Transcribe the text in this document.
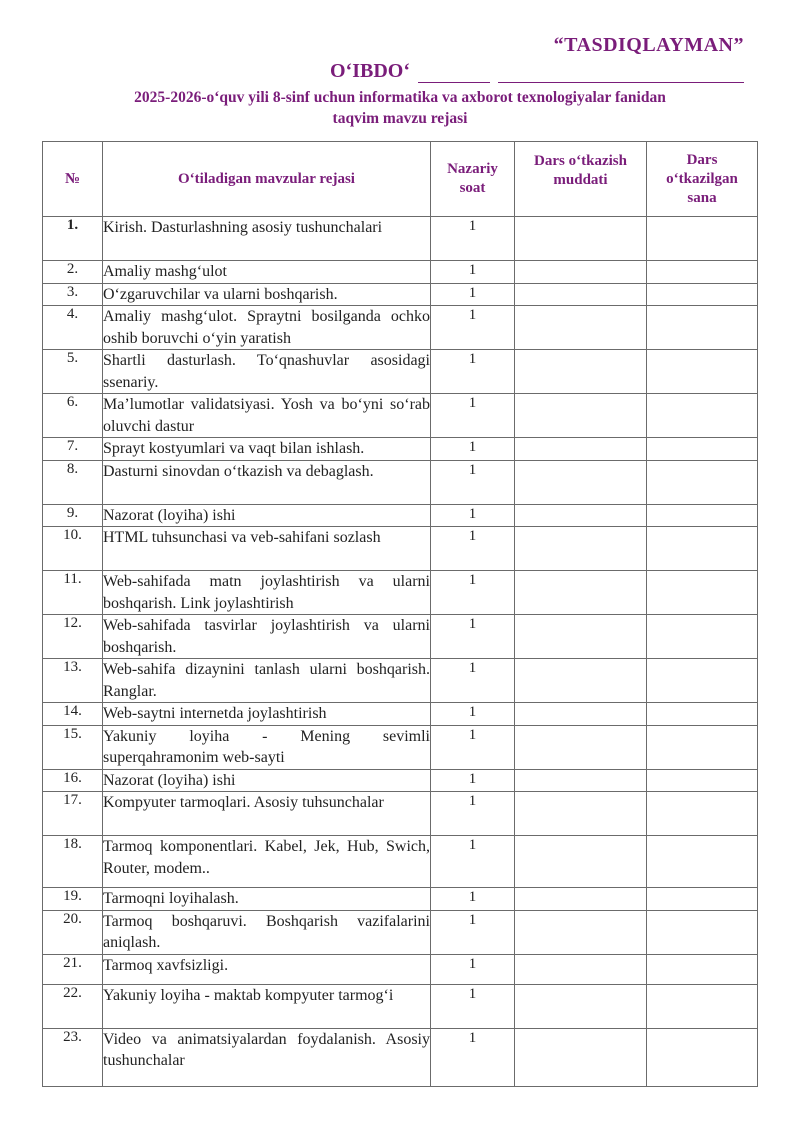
“TASDIQLAYMAN”
O‘IBDO‘
2025-2026-o‘quv yili 8-sinf uchun informatika va axborot texnologiyalar fanidan
taqvim mavzu rejasi
№	O‘tiladigan mavzular rejasi	Nazariy soat	Dars o‘tkazish muddati	Dars o‘tkazilgan sana
1.	Kirish. Dasturlashning asosiy tushunchalari	1		
2.	Amaliy mashg‘ulot	1		
3.	O‘zgaruvchilar va ularni boshqarish.	1		
4.	Amaliy mashg‘ulot. Spraytni bosilganda ochko oshib boruvchi o‘yin yaratish	1		
5.	Shartli dasturlash. To‘qnashuvlar asosidagi ssenariy.	1		
6.	Ma’lumotlar validatsiyasi. Yosh va bo‘yni so‘rab oluvchi dastur	1		
7.	Sprayt kostyumlari va vaqt bilan ishlash.	1		
8.	Dasturni sinovdan o‘tkazish va debaglash.	1		
9.	Nazorat (loyiha) ishi	1		
10.	HTML tuhsunchasi va veb-sahifani sozlash	1		
11.	Web-sahifada matn joylashtirish va ularni boshqarish. Link joylashtirish	1		
12.	Web-sahifada tasvirlar joylashtirish va ularni boshqarish.	1		
13.	Web-sahifa dizaynini tanlash ularni boshqarish. Ranglar.	1		
14.	Web-saytni internetda joylashtirish	1		
15.	Yakuniy loyiha - Mening sevimli superqahramonim web-sayti	1		
16.	Nazorat (loyiha) ishi	1		
17.	Kompyuter tarmoqlari. Asosiy tuhsunchalar	1		
18.	Tarmoq komponentlari. Kabel, Jek, Hub, Swich, Router, modem..	1		
19.	Tarmoqni loyihalash.	1		
20.	Tarmoq boshqaruvi. Boshqarish vazifalarini aniqlash.	1		
21.	Tarmoq xavfsizligi.	1		
22.	Yakuniy loyiha - maktab kompyuter tarmog‘i	1		
23.	Video va animatsiyalardan foydalanish. Asosiy tushunchalar	1		
